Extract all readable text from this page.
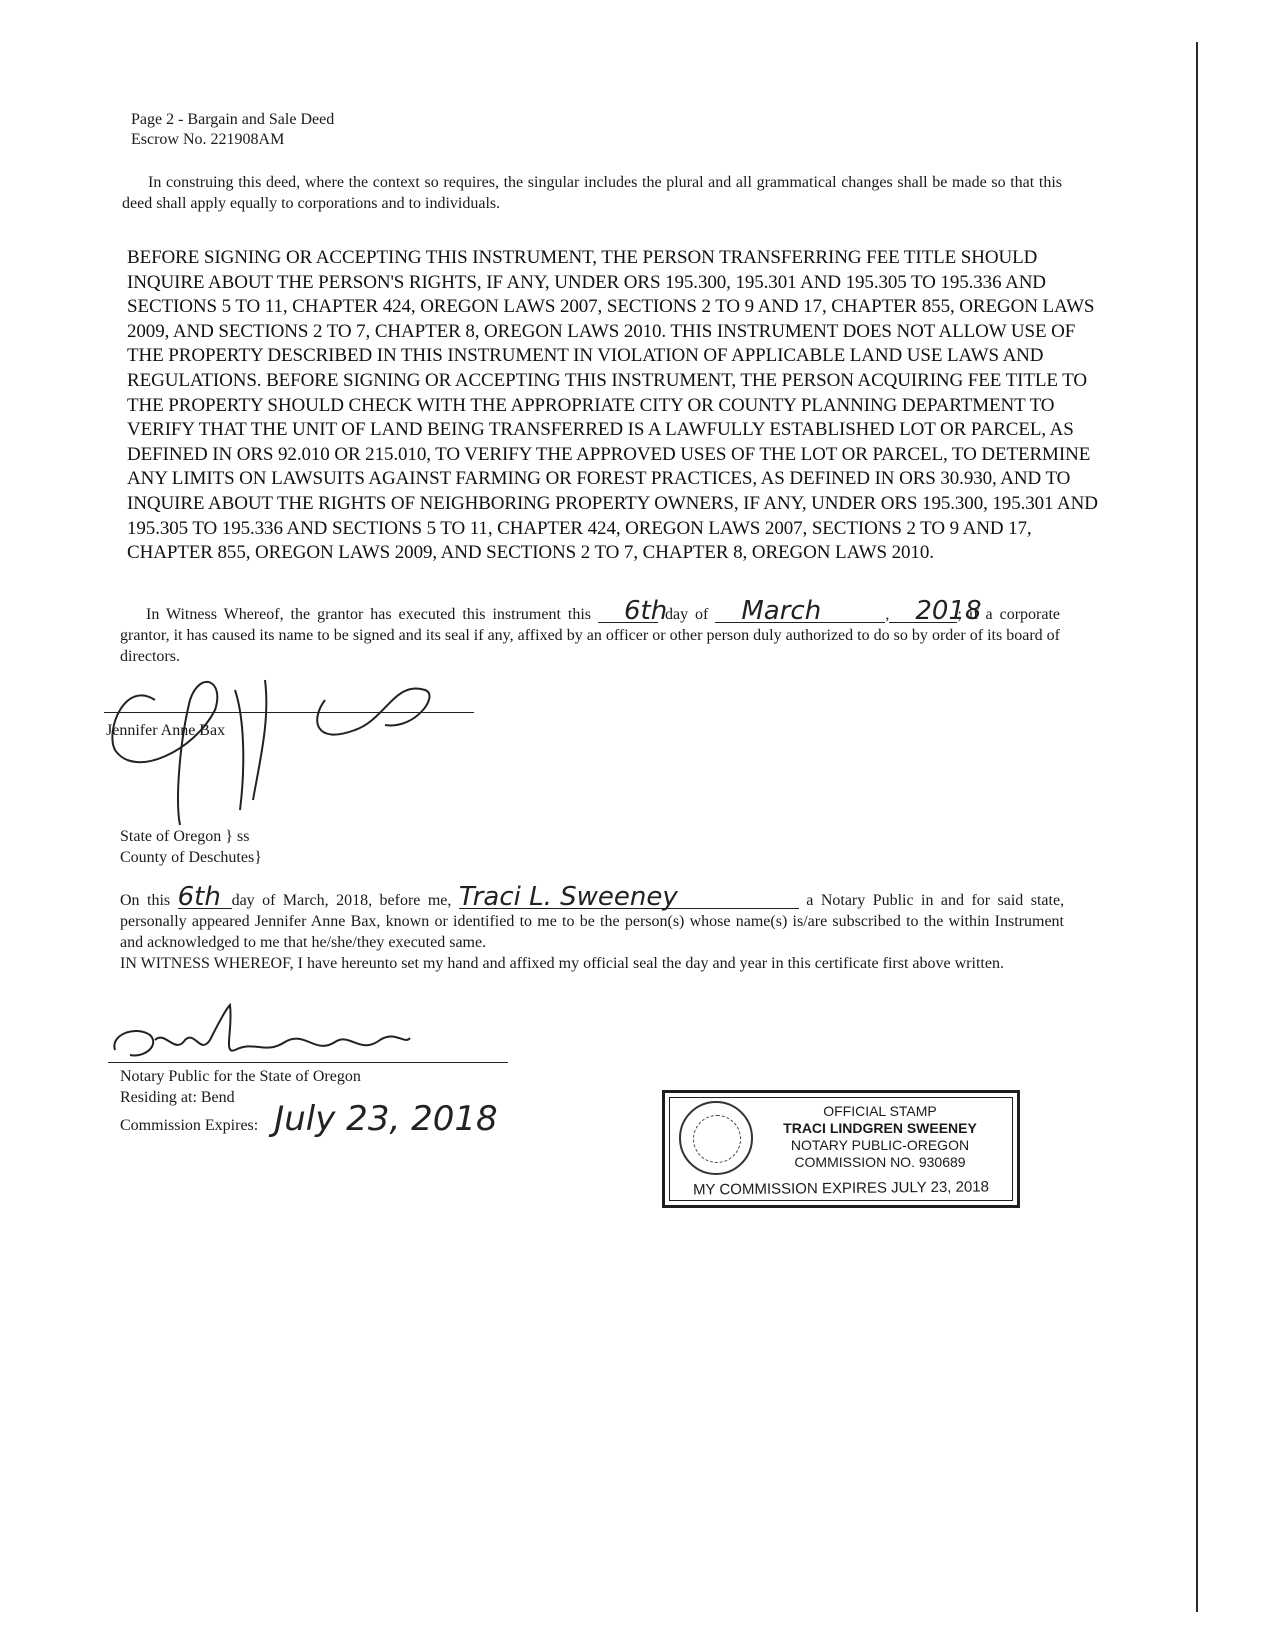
Page 2 - Bargain and Sale Deed
Escrow No. 221908AM
In construing this deed, where the context so requires, the singular includes the plural and all grammatical changes shall be made so that this deed shall apply equally to corporations and to individuals.
BEFORE SIGNING OR ACCEPTING THIS INSTRUMENT, THE PERSON TRANSFERRING FEE TITLE SHOULD INQUIRE ABOUT THE PERSON'S RIGHTS, IF ANY, UNDER ORS 195.300, 195.301 AND 195.305 TO 195.336 AND SECTIONS 5 TO 11, CHAPTER 424, OREGON LAWS 2007, SECTIONS 2 TO 9 AND 17, CHAPTER 855, OREGON LAWS 2009, AND SECTIONS 2 TO 7, CHAPTER 8, OREGON LAWS 2010. THIS INSTRUMENT DOES NOT ALLOW USE OF THE PROPERTY DESCRIBED IN THIS INSTRUMENT IN VIOLATION OF APPLICABLE LAND USE LAWS AND REGULATIONS. BEFORE SIGNING OR ACCEPTING THIS INSTRUMENT, THE PERSON ACQUIRING FEE TITLE TO THE PROPERTY SHOULD CHECK WITH THE APPROPRIATE CITY OR COUNTY PLANNING DEPARTMENT TO VERIFY THAT THE UNIT OF LAND BEING TRANSFERRED IS A LAWFULLY ESTABLISHED LOT OR PARCEL, AS DEFINED IN ORS 92.010 OR 215.010, TO VERIFY THE APPROVED USES OF THE LOT OR PARCEL, TO DETERMINE ANY LIMITS ON LAWSUITS AGAINST FARMING OR FOREST PRACTICES, AS DEFINED IN ORS 30.930, AND TO INQUIRE ABOUT THE RIGHTS OF NEIGHBORING PROPERTY OWNERS, IF ANY, UNDER ORS 195.300, 195.301 AND 195.305 TO 195.336 AND SECTIONS 5 TO 11, CHAPTER 424, OREGON LAWS 2007, SECTIONS 2 TO 9 AND 17, CHAPTER 855, OREGON LAWS 2009, AND SECTIONS 2 TO 7, CHAPTER 8, OREGON LAWS 2010.
In Witness Whereof, the grantor has executed this instrument this 6th day of March	, 2018; if a corporate grantor, it has caused its name to be signed and its seal if any, affixed by an officer or other person duly authorized to do so by order of its board of directors.
Jennifer Anne Bax
State of Oregon } ss
County of Deschutes}
On this 6th day of March, 2018, before me, Traci L. Sweeney	a Notary Public in and for said state, personally appeared Jennifer Anne Bax, known or identified to me to be the person(s) whose name(s) is/are subscribed to the within Instrument and acknowledged to me that he/she/they executed same.
IN WITNESS WHEREOF, I have hereunto set my hand and affixed my official seal the day and year in this certificate first above written.
Notary Public for the State of Oregon
Residing at: Bend
Commission Expires: July 23, 2018	OFFICIAL STAMP
TRACI LINDGREN SWEENEY
NOTARY PUBLIC-OREGON
COMMISSION NO. 930689
MY COMMISSION EXPIRES JULY 23, 2018
